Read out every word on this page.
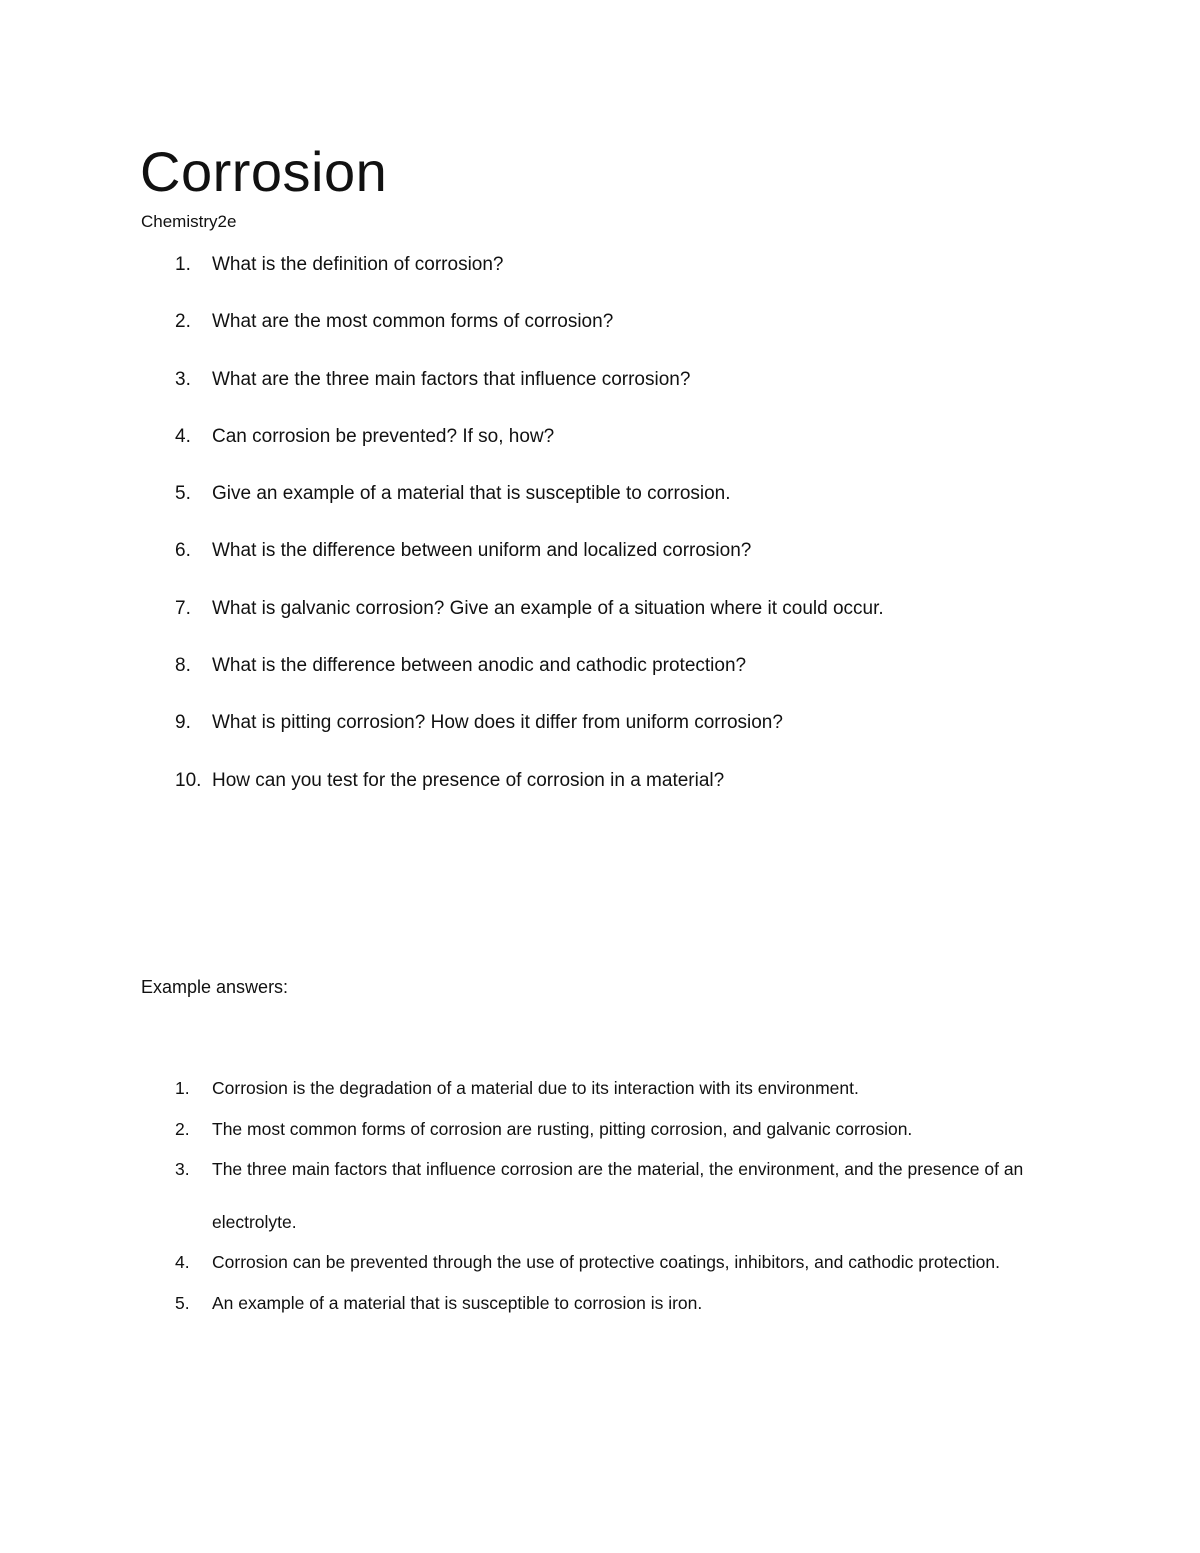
Corrosion

Chemistry2e

1. What is the definition of corrosion?
2. What are the most common forms of corrosion?
3. What are the three main factors that influence corrosion?
4. Can corrosion be prevented? If so, how?
5. Give an example of a material that is susceptible to corrosion.
6. What is the difference between uniform and localized corrosion?
7. What is galvanic corrosion? Give an example of a situation where it could occur.
8. What is the difference between anodic and cathodic protection?
9. What is pitting corrosion? How does it differ from uniform corrosion?
10. How can you test for the presence of corrosion in a material?

Example answers:

1. Corrosion is the degradation of a material due to its interaction with its environment.
2. The most common forms of corrosion are rusting, pitting corrosion, and galvanic corrosion.
3. The three main factors that influence corrosion are the material, the environment, and the presence of an electrolyte.
4. Corrosion can be prevented through the use of protective coatings, inhibitors, and cathodic protection.
5. An example of a material that is susceptible to corrosion is iron.
